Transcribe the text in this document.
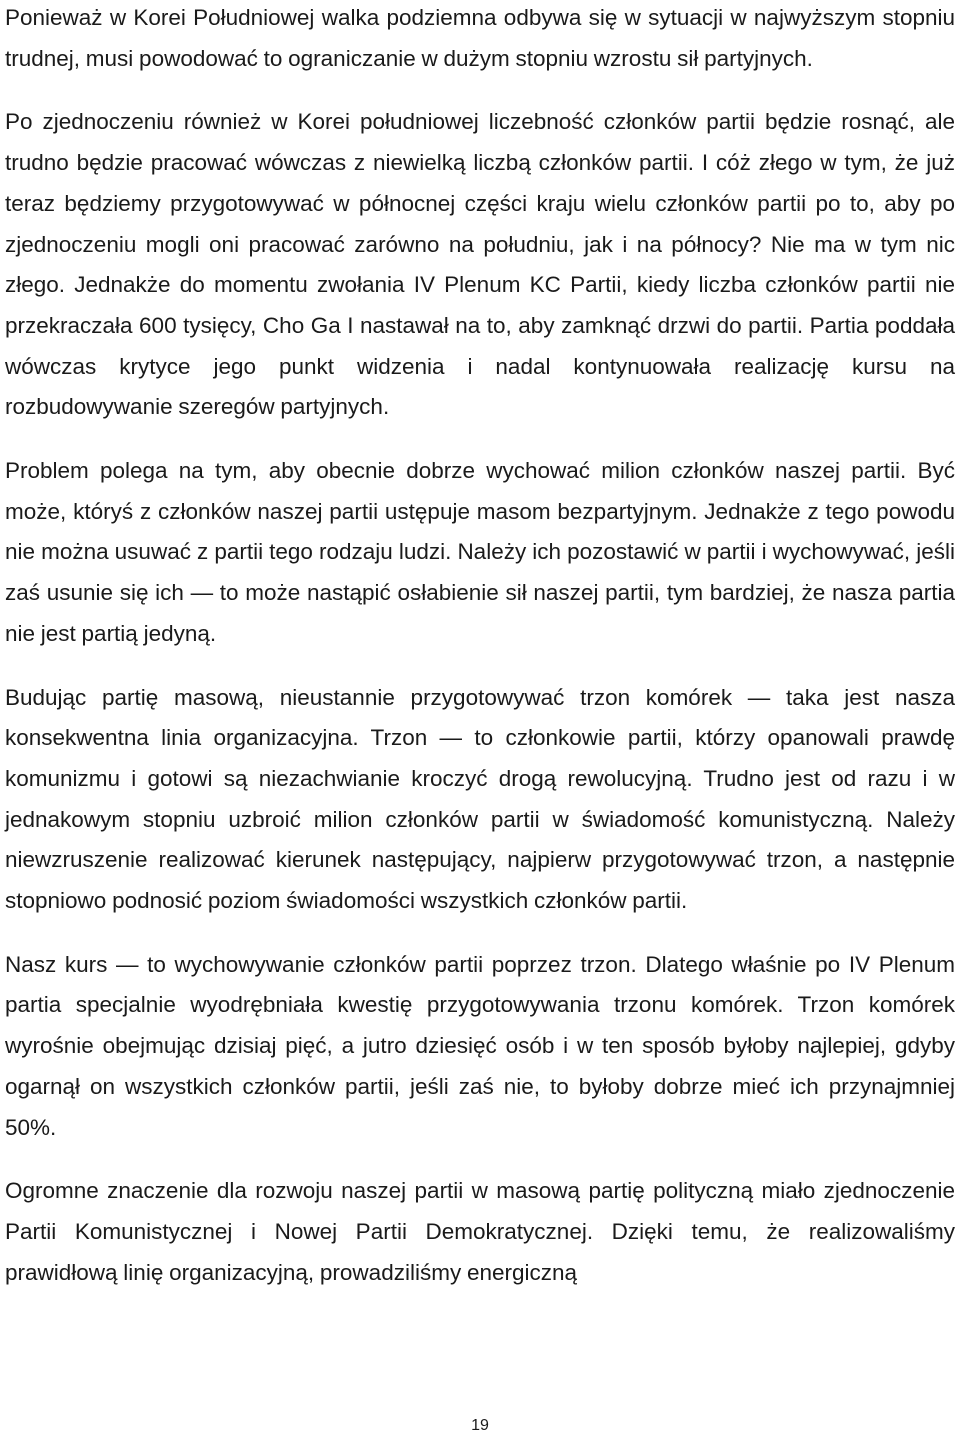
Ponieważ w Korei Południowej walka podziemna odbywa się w sytuacji w najwyższym stopniu trudnej, musi powodować to ograniczanie w dużym stopniu wzrostu sił partyjnych.

Po zjednoczeniu również w Korei południowej liczebność członków partii będzie rosnąć, ale trudno będzie pracować wówczas z niewielką liczbą członków partii. I cóż złego w tym, że już teraz będziemy przygotowywać w północnej części kraju wielu członków partii po to, aby po zjednoczeniu mogli oni pracować zarówno na południu, jak i na północy? Nie ma w tym nic złego. Jednakże do momentu zwołania IV Plenum KC Partii, kiedy liczba członków partii nie przekraczała 600 tysięcy, Cho Ga I nastawał na to, aby zamknąć drzwi do partii. Partia poddała wówczas krytyce jego punkt widzenia i nadal kontynuowała realizację kursu na rozbudowywanie szeregów partyjnych.

Problem polega na tym, aby obecnie dobrze wychować milion członków naszej partii. Być może, któryś z członków naszej partii ustępuje masom bezpartyjnym. Jednakże z tego powodu nie można usuwać z partii tego rodzaju ludzi. Należy ich pozostawić w partii i wychowywać, jeśli zaś usunie się ich — to może nastąpić osłabienie sił naszej partii, tym bardziej, że nasza partia nie jest partią jedyną.

Budując partię masową, nieustannie przygotowywać trzon komórek — taka jest nasza konsekwentna linia organizacyjna. Trzon — to członkowie partii, którzy opanowali prawdę komunizmu i gotowi są niezachwianie kroczyć drogą rewolucyjną. Trudno jest od razu i w jednakowym stopniu uzbroić milion członków partii w świadomość komunistyczną. Należy niewzruszenie realizować kierunek następujący, najpierw przygotowywać trzon, a następnie stopniowo podnosić poziom świadomości wszystkich członków partii.

Nasz kurs — to wychowywanie członków partii poprzez trzon. Dlatego właśnie po IV Plenum partia specjalnie wyodrębniała kwestię przygotowywania trzonu komórek. Trzon komórek wyrośnie obejmując dzisiaj pięć, a jutro dziesięć osób i w ten sposób byłoby najlepiej, gdyby ogarnął on wszystkich członków partii, jeśli zaś nie, to byłoby dobrze mieć ich przynajmniej 50%.

Ogromne znaczenie dla rozwoju naszej partii w masową partię polityczną miało zjednoczenie Partii Komunistycznej i Nowej Partii Demokratycznej. Dzięki temu, że realizowaliśmy prawidłową linię organizacyjną, prowadziliśmy energiczną

19
